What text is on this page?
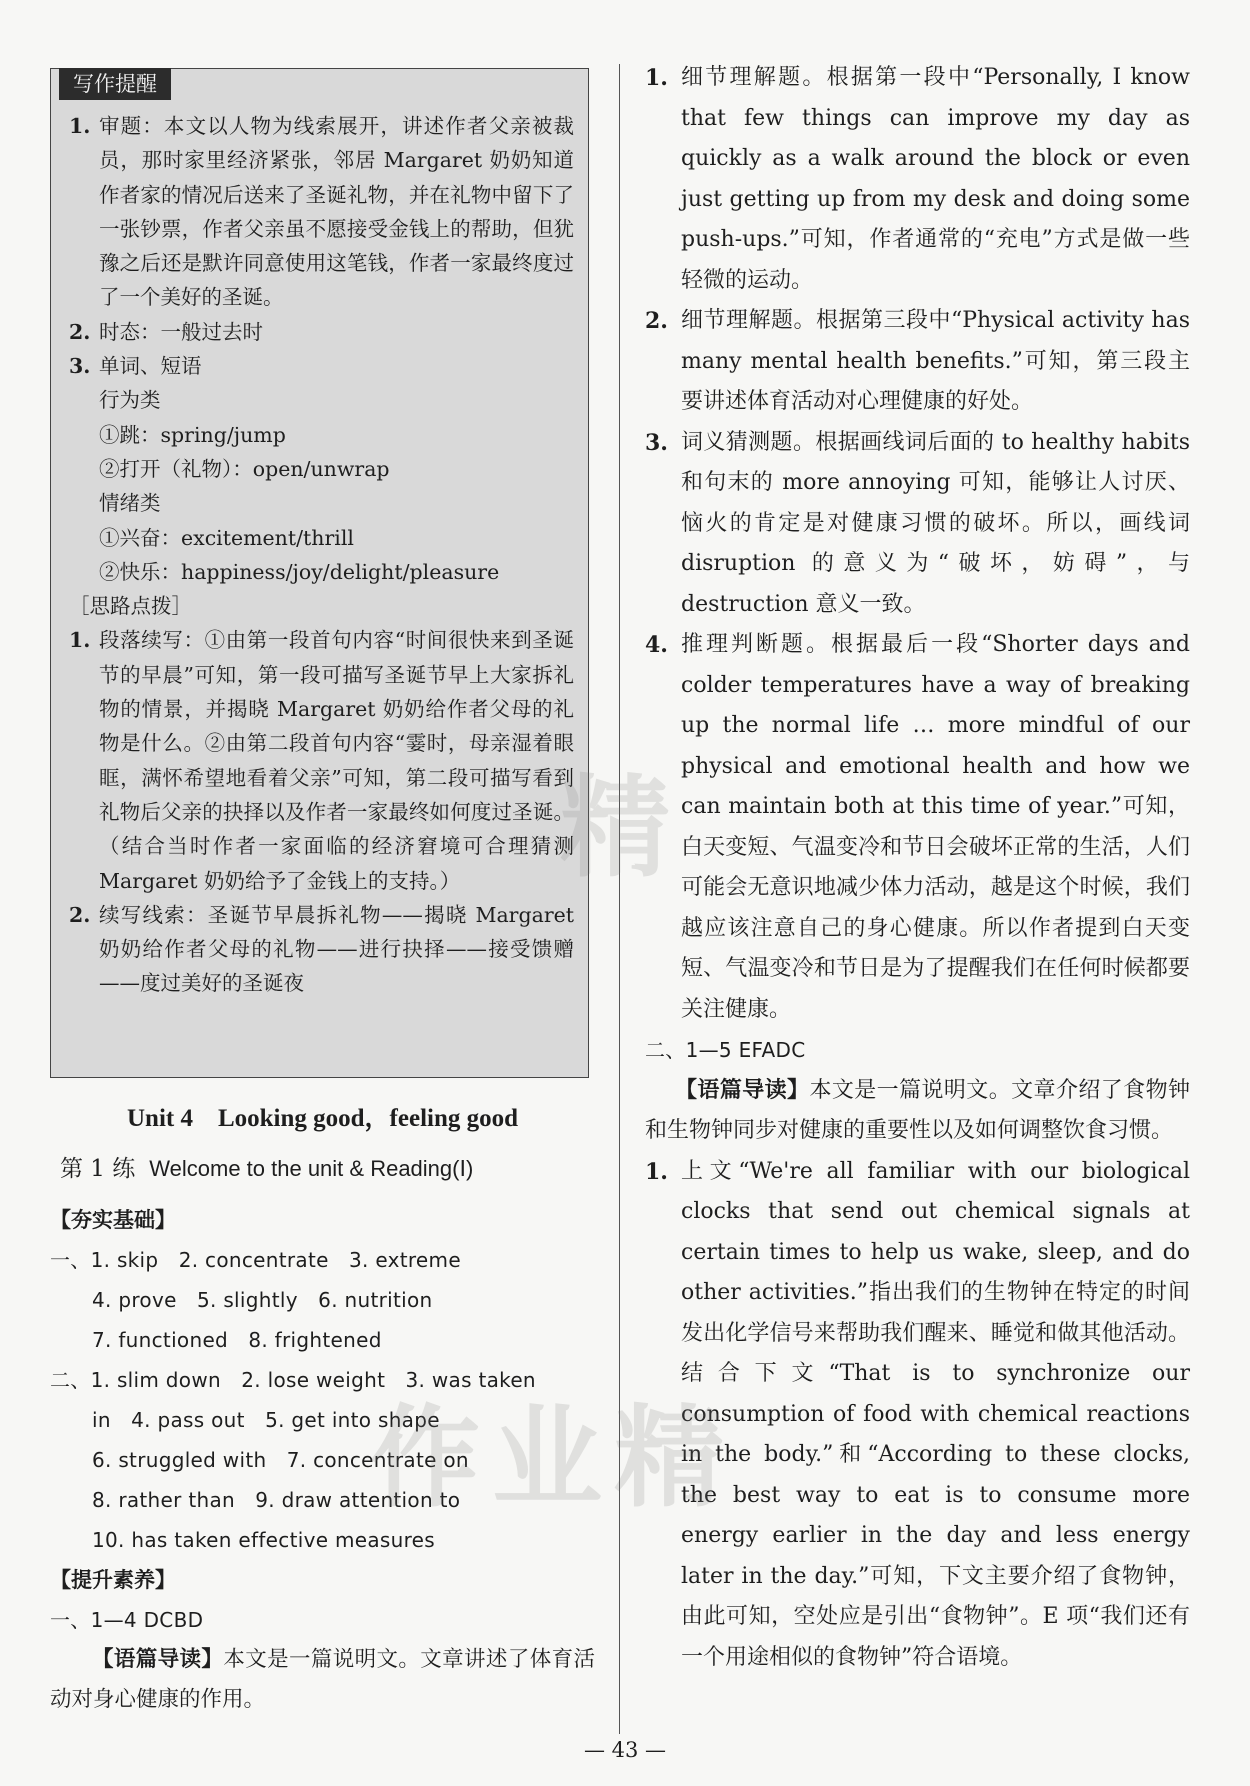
写作提醒

1. 审题：本文以人物为线索展开，讲述作者父亲被裁员，那时家里经济紧张，邻居 Margaret 奶奶知道作者家的情况后送来了圣诞礼物，并在礼物中留下了一张钞票，作者父亲虽不愿接受金钱上的帮助，但犹豫之后还是默许同意使用这笔钱，作者一家最终度过了一个美好的圣诞。

2. 时态：一般过去时

3. 单词、短语

行为类

①跳：spring/jump

②打开（礼物）：open/unwrap

情绪类

①兴奋：excitement/thrill

②快乐：happiness/joy/delight/pleasure

［思路点拨］

1. 段落续写：①由第一段首句内容“时间很快来到圣诞节的早晨”可知，第一段可描写圣诞节早上大家拆礼物的情景，并揭晓 Margaret 奶奶给作者父母的礼物是什么。②由第二段首句内容“霎时，母亲湿着眼眶，满怀希望地看着父亲”可知，第二段可描写看到礼物后父亲的抉择以及作者一家最终如何度过圣诞。（结合当时作者一家面临的经济窘境可合理猜测 Margaret 奶奶给予了金钱上的支持。）

2. 续写线索：圣诞节早晨拆礼物——揭晓 Margaret 奶奶给作者父母的礼物——进行抉择——接受馈赠——度过美好的圣诞夜

Unit 4　Looking good，feeling good
第 1 练 Welcome to the unit & Reading(Ⅰ)
【夯实基础】
一、1. skip　2. concentrate　3. extreme
4. prove　5. slightly　6. nutrition
7. functioned　8. frightened
二、1. slim down　2. lose weight　3. was taken
in　4. pass out　5. get into shape
6. struggled with　7. concentrate on
8. rather than　9. draw attention to
10. has taken effective measures
【提升素养】
一、1—4 DCBD
【语篇导读】本文是一篇说明文。文章讲述了体育活动对身心健康的作用。

1. 细节理解题。根据第一段中“Personally, I know that few things can improve my day as quickly as a walk around the block or even just getting up from my desk and doing some push-ups.”可知，作者通常的“充电”方式是做一些轻微的运动。

2. 细节理解题。根据第三段中“Physical activity has many mental health benefits.”可知，第三段主要讲述体育活动对心理健康的好处。

3. 词义猜测题。根据画线词后面的 to healthy habits 和句末的 more annoying 可知，能够让人讨厌、恼火的肯定是对健康习惯的破坏。所以，画线词 disruption 的意义为“破坏，妨碍”，与 destruction 意义一致。

4. 推理判断题。根据最后一段“Shorter days and colder temperatures have a way of breaking up the normal life … more mindful of our physical and emotional health and how we can maintain both at this time of year.”可知，白天变短、气温变冷和节日会破坏正常的生活，人们可能会无意识地减少体力活动，越是这个时候，我们越应该注意自己的身心健康。所以作者提到白天变短、气温变冷和节日是为了提醒我们在任何时候都要关注健康。

二、1—5 EFADC

【语篇导读】本文是一篇说明文。文章介绍了食物钟和生物钟同步对健康的重要性以及如何调整饮食习惯。

1. 上文“We're all familiar with our biological clocks that send out chemical signals at certain times to help us wake, sleep, and do other activities.”指出我们的生物钟在特定的时间发出化学信号来帮助我们醒来、睡觉和做其他活动。结合下文“That is to synchronize our consumption of food with chemical reactions in the body.”和“According to these clocks, the best way to eat is to consume more energy earlier in the day and less energy later in the day.”可知，下文主要介绍了食物钟，由此可知，空处应是引出“食物钟”。E 项“我们还有一个用途相似的食物钟”符合语境。

— 43 —
精
作业精
